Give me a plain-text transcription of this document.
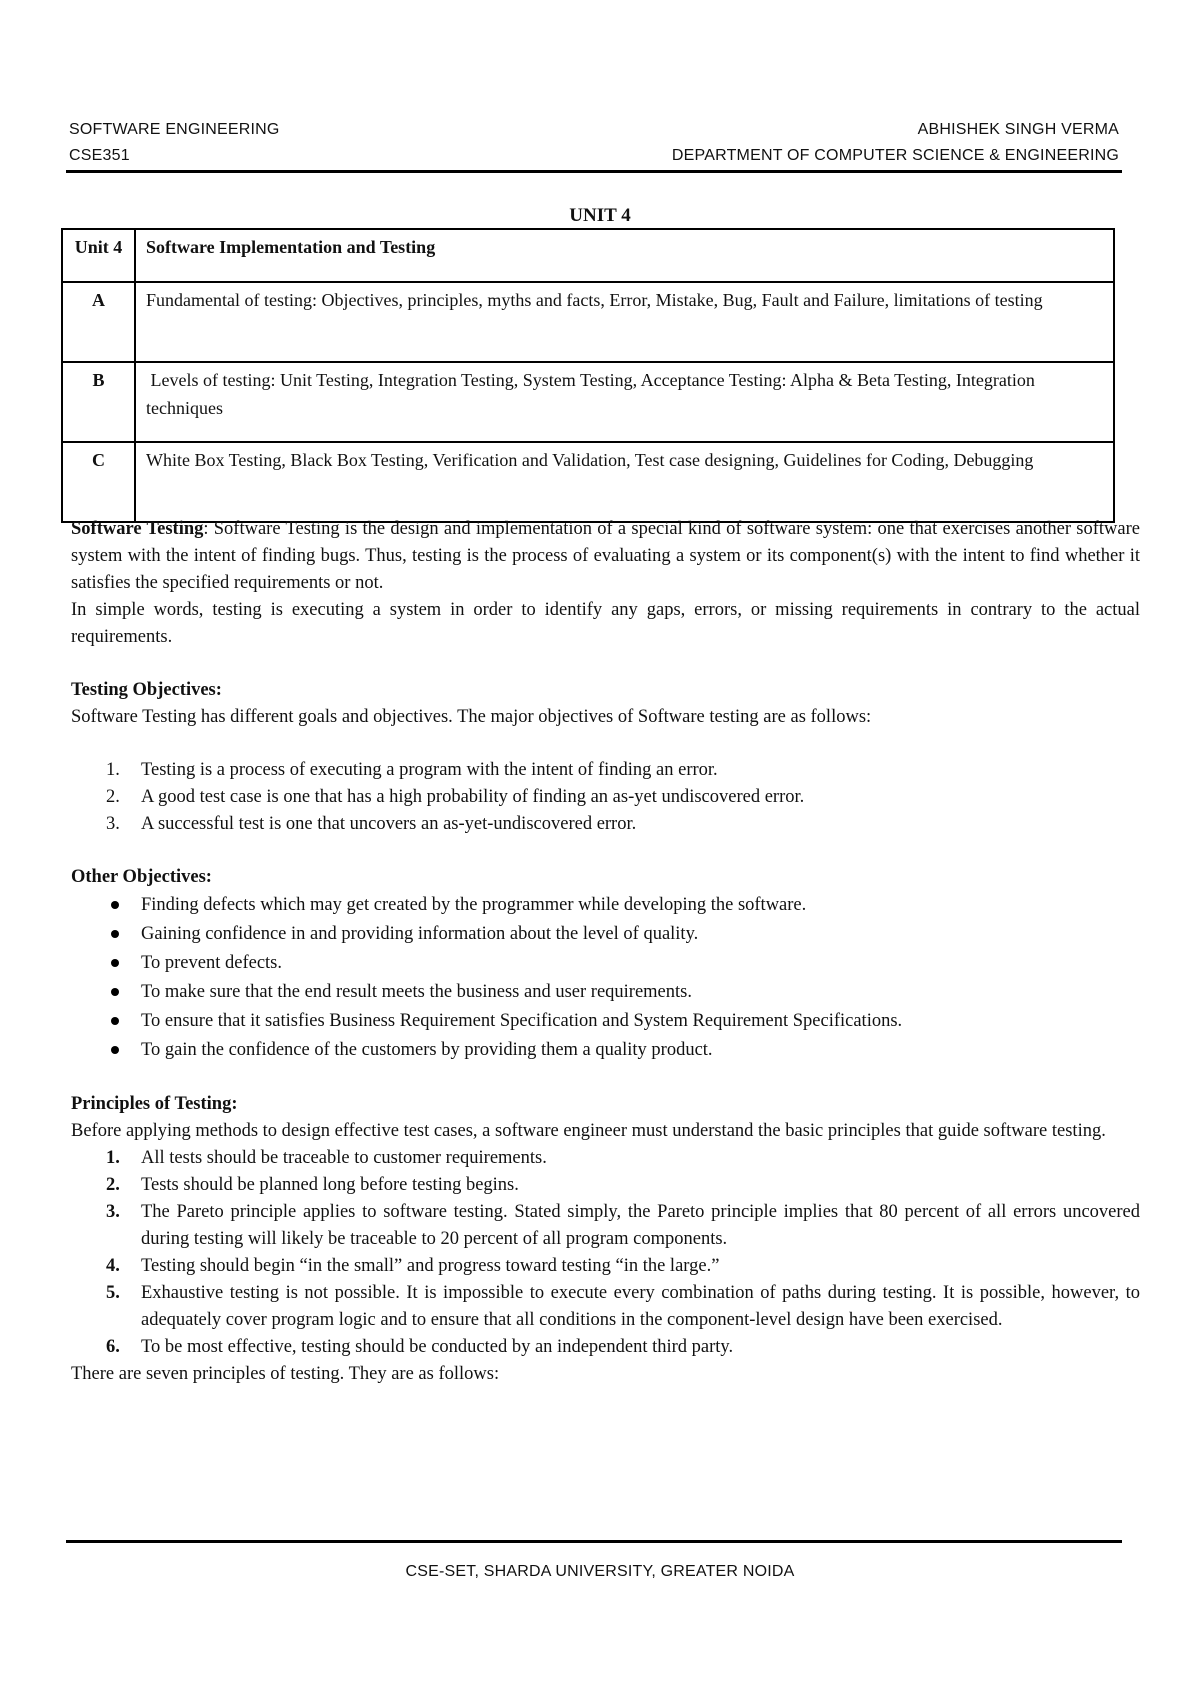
SOFTWARE ENGINEERING	ABHISHEK SINGH VERMA
CSE351	DEPARTMENT OF COMPUTER SCIENCE & ENGINEERING
UNIT 4
Unit 4	Software Implementation and Testing
A	Fundamental of testing: Objectives, principles, myths and facts, Error, Mistake, Bug, Fault and Failure, limitations of testing
B	Levels of testing: Unit Testing, Integration Testing, System Testing, Acceptance Testing: Alpha & Beta Testing, Integration techniques
C	White Box Testing, Black Box Testing, Verification and Validation, Test case designing, Guidelines for Coding, Debugging

Software Testing: Software Testing is the design and implementation of a special kind of software system: one that exercises another software system with the intent of finding bugs. Thus, testing is the process of evaluating a system or its component(s) with the intent to find whether it satisfies the specified requirements or not.

In simple words, testing is executing a system in order to identify any gaps, errors, or missing requirements in contrary to the actual requirements.

Testing Objectives:

Software Testing has different goals and objectives. The major objectives of Software testing are as follows:

1.	Testing is a process of executing a program with the intent of finding an error.
2.	A good test case is one that has a high probability of finding an as-yet undiscovered error.
3.	A successful test is one that uncovers an as-yet-undiscovered error.
Other Objectives:
Finding defects which may get created by the programmer while developing the software.
Gaining confidence in and providing information about the level of quality.
To prevent defects.
To make sure that the end result meets the business and user requirements.
To ensure that it satisfies Business Requirement Specification and System Requirement Specifications.
To gain the confidence of the customers by providing them a quality product.
Principles of Testing:

Before applying methods to design effective test cases, a software engineer must understand the basic principles that guide software testing.

1.	All tests should be traceable to customer requirements.
2.	Tests should be planned long before testing begins.
3.	The Pareto principle applies to software testing. Stated simply, the Pareto principle implies that 80 percent of all errors uncovered during testing will likely be traceable to 20 percent of all program components.
4.	Testing should begin “in the small” and progress toward testing “in the large.”
5.	Exhaustive testing is not possible. It is impossible to execute every combination of paths during testing. It is possible, however, to adequately cover program logic and to ensure that all conditions in the component-level design have been exercised.
6.	To be most effective, testing should be conducted by an independent third party.

There are seven principles of testing. They are as follows:

CSE-SET, SHARDA UNIVERSITY, GREATER NOIDA
